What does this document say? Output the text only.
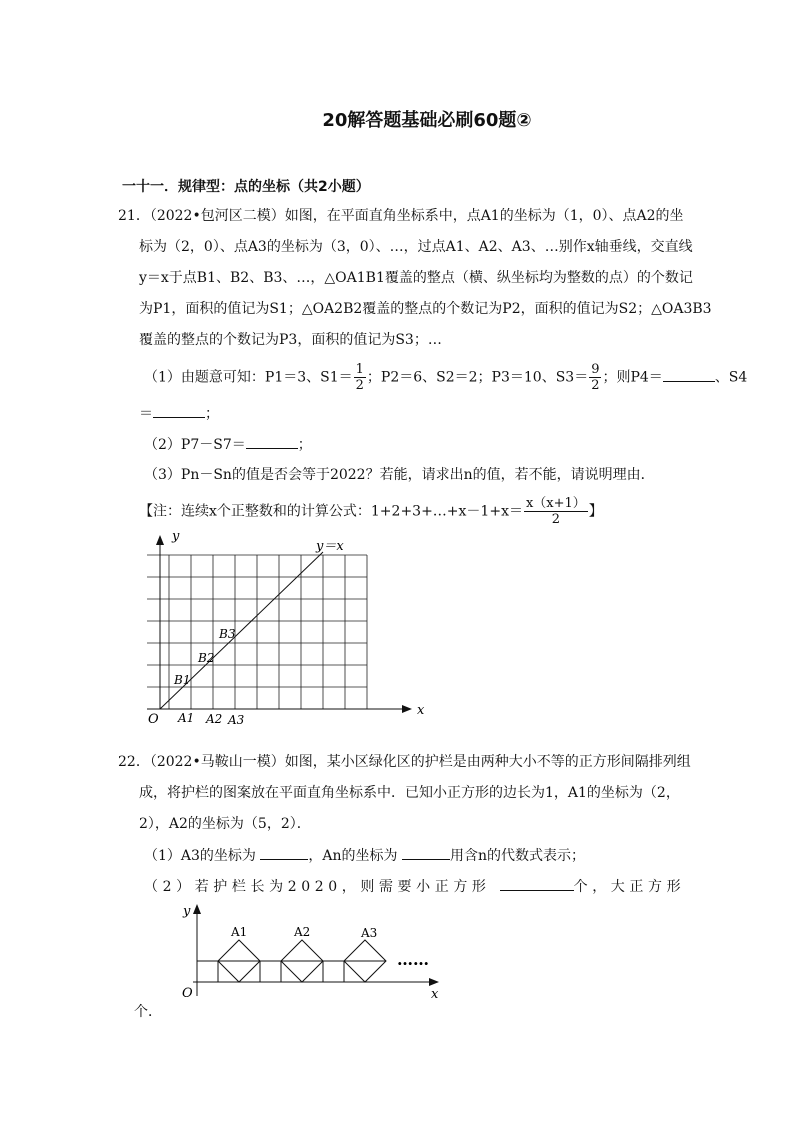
20解答题基础必刷60题②
一十一．规律型：点的坐标（共2小题）
21．（2022•包河区二模）如图，在平面直角坐标系中，点A1的坐标为（1，0）、点A2的坐
标为（2，0）、点A3的坐标为（3，0）、…，过点A1、A2、A3、…别作x轴垂线，交直线
y＝x于点B1、B2、B3、…，△OA1B1覆盖的整点（横、纵坐标均为整数的点）的个数记
为P1，面积的值记为S1；△OA2B2覆盖的整点的个数记为P2，面积的值记为S2；△OA3B3
覆盖的整点的个数记为P3，面积的值记为S3；…
（1）由题意可知：P1＝3、$S1= \frac{1}{2}$ ；P2＝6、S2＝2；P3＝10、$S3= \frac{9}{2}$ ；则P4＝	、S4
＝	；
（2）P7－S7＝	；
（3）Pn－Sn的值是否会等于2022？若能，请求出n的值，若不能，请说明理由．
【注：连续x个正整数和的计算公式：1+2+3+…+x－1+x＝ $\frac{x(x+1)}{2}$ 】
y＝x
x
y
O A1 A2 A3
B1
B2
B3
22．（2022•马鞍山一模）如图，某小区绿化区的护栏是由两种大小不等的正方形间隔排列组
成，将护栏的图案放在平面直角坐标系中．已知小正方形的边长为1，A1的坐标为（2，
2），A2的坐标为（5，2）．
（1）A3的坐标为	，An的坐标为	用含n的代数式表示；
（2）若护栏长为2020，则需要小正方形	个，大正方形
A1	A2	A3
……
O	x
y
个．
